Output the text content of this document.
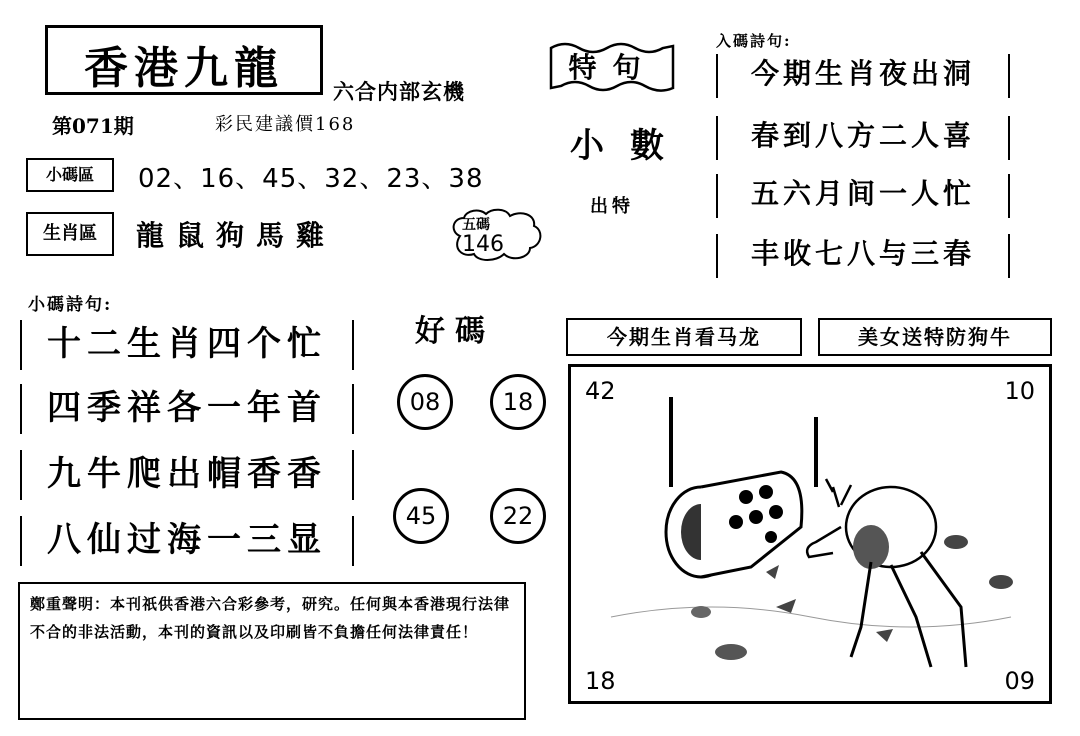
香港九龍	六合内部玄機
第071期	彩民建議價168
小碼區	02、16、45、32、23、38
生肖區	龍鼠狗馬雞	五碼
146
特句
小數
出特
入碼詩句:
今期生肖夜出洞
春到八方二人喜
五六月间一人忙
丰收七八与三春
小碼詩句:
十二生肖四个忙
四季祥各一年首
九牛爬出帽香香
八仙过海一三显
好碼
08	18
45	22
今期生肖看马龙	美女送特防狗牛
42	10
18	09
鄭重聲明：本刊祇供香港六合彩參考，研究。任何與本香港現行法律不合的非法活動，本刊的資訊以及印刷皆不負擔任何法律責任！
